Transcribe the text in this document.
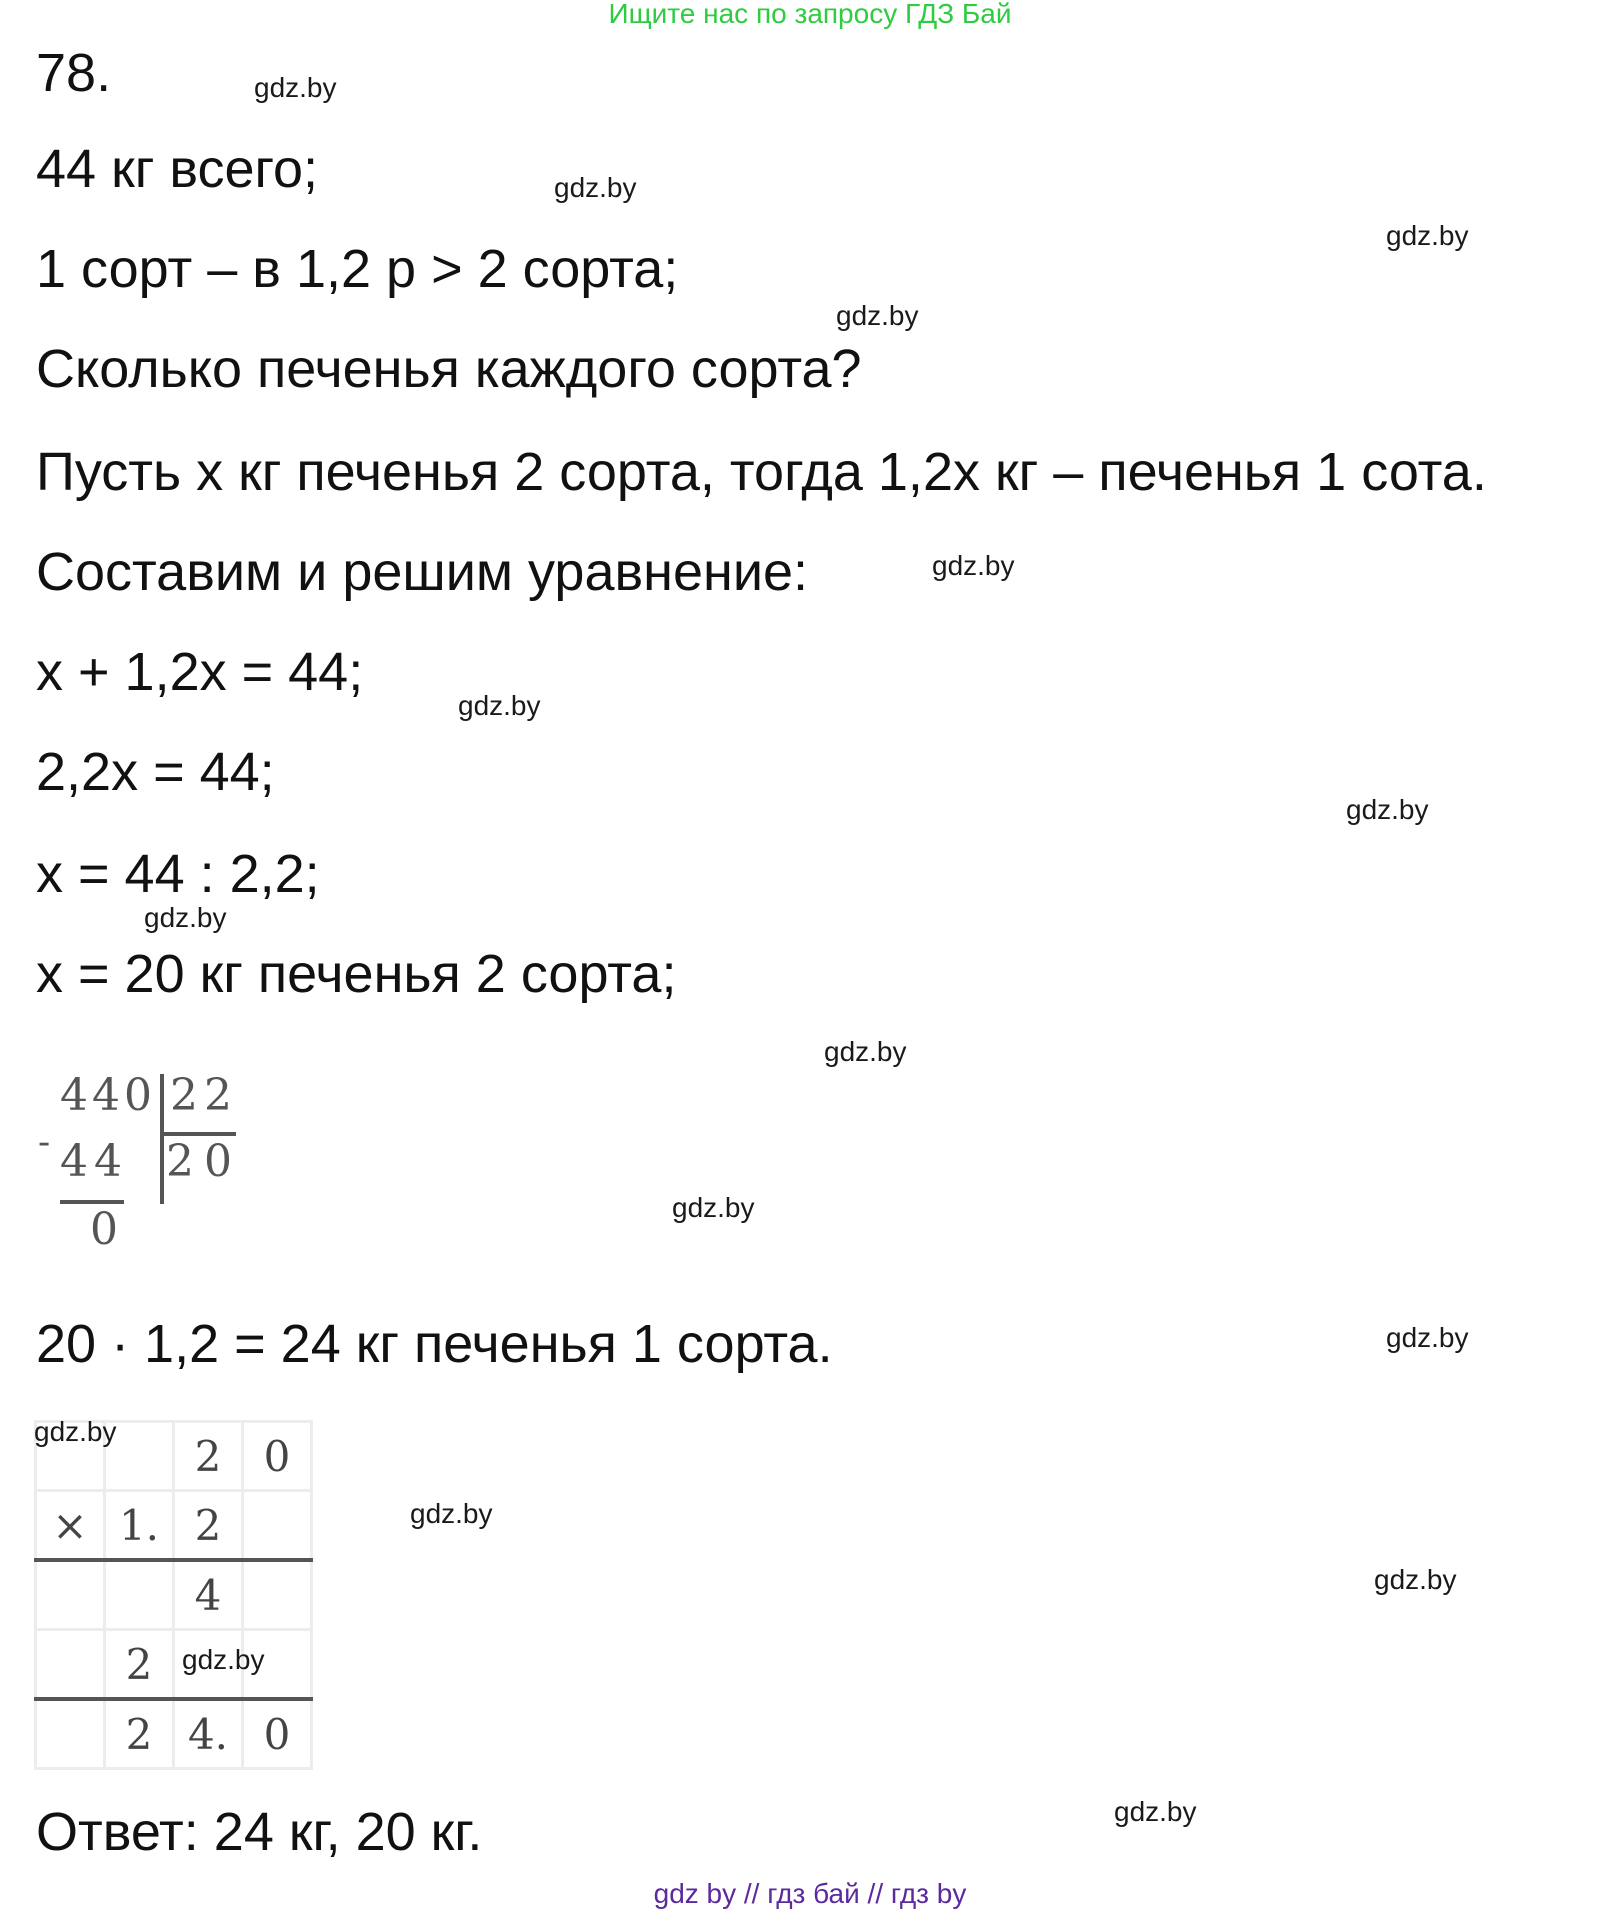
Ищите нас по запросу ГДЗ Бай
78.
44 кг всего;
1 сорт – в 1,2 р > 2 сорта;
Сколько печенья каждого сорта?
Пусть x кг печенья 2 сорта, тогда 1,2x кг – печенья 1 сота.
Составим и решим уравнение:
x + 1,2x = 44;
2,2x = 44;
x = 44 : 2,2;
x = 20 кг печенья 2 сорта;
-
440 22
44 20
0
20 · 1,2 = 24 кг печенья 1 сорта.
		2	0
×	1.	2	
		4	
	2		
	2	4.	0
Ответ: 24 кг, 20 кг.
gdz.by
gdz.by
gdz.by
gdz.by
gdz.by
gdz.by
gdz.by
gdz.by
gdz.by
gdz.by
gdz.by
gdz.by
gdz.by
gdz.by
gdz.by
gdz.by
gdz by // гдз бай // гдз by
